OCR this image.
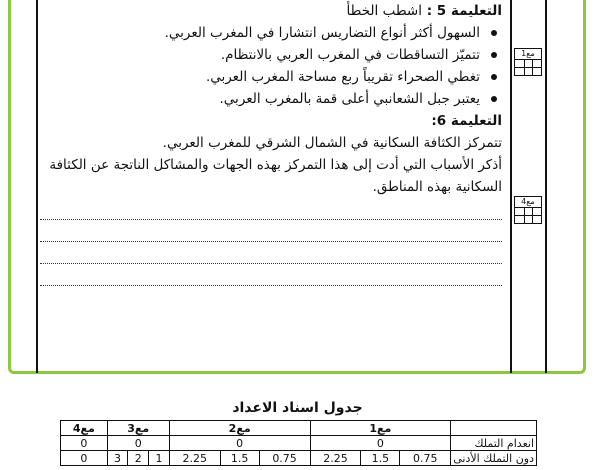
التعليمة 5 : اشطب الخطأ
السهول أكثر أنواع التضاريس انتشارا في المغرب العربي.
تتميّز التساقطات في المغرب العربي بالانتظام.
تغطي الصحراء تقريباً ربع مساحة المغرب العربي.
يعتبر جبل الشعانبي أعلى قمة بالمغرب العربي.
التعليمة 6:

تتمركز الكثافة السكانية في الشمال الشرقي للمغرب العربي.

أذكر الأسباب التي أدت إلى هذا التمركز بهذه الجهات والمشاكل الناتجة عن الكثافة السكانية بهذه المناطق.

مع1
مع4
جدول اسناد الاعداد
	مع1			مع2			مع3			مع4
انعدام التملك	0			0			0			0
دون التملك الأدنى	0.75	1.5	2.25	0.75	1.5	2.25	1	2	3	0
